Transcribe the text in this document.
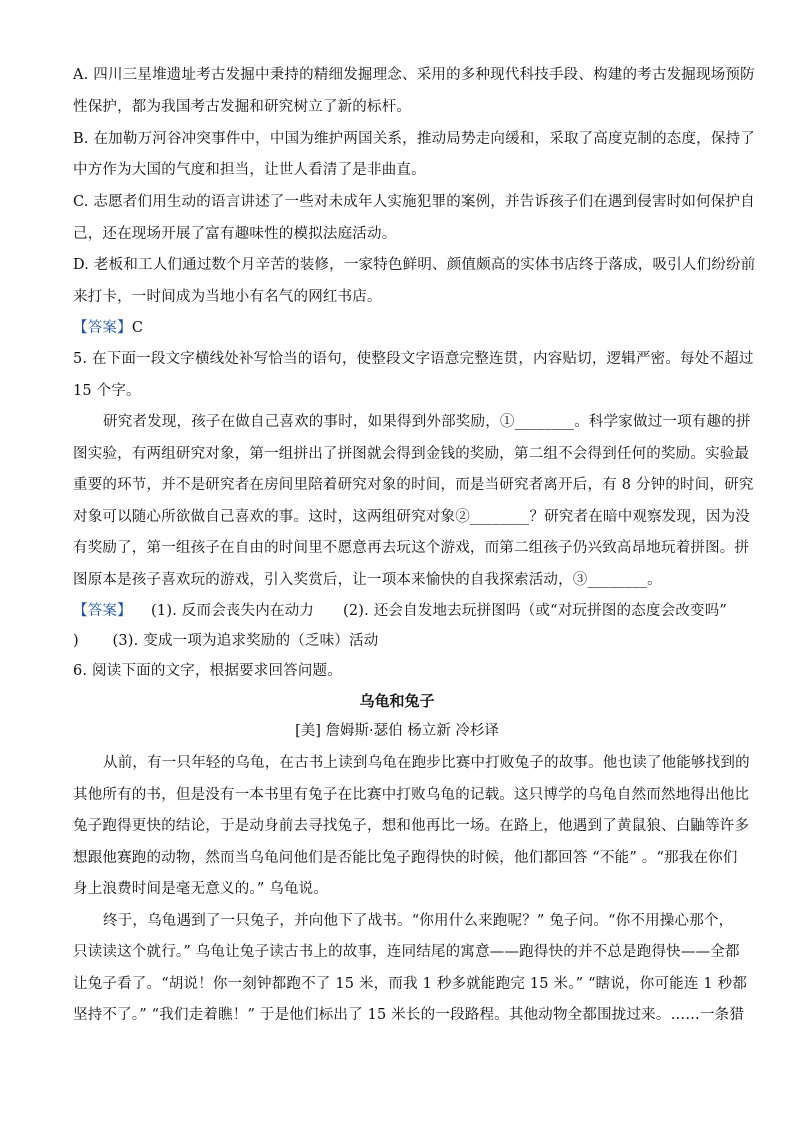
A. 四川三星堆遗址考古发掘中秉持的精细发掘理念、采用的多种现代科技手段、构建的考古发掘现场预防
性保护，都为我国考古发掘和研究树立了新的标杆。
B. 在加勒万河谷冲突事件中，中国为维护两国关系，推动局势走向缓和，采取了高度克制的态度，保持了
中方作为大国的气度和担当，让世人看清了是非曲直。
C. 志愿者们用生动的语言讲述了一些对未成年人实施犯罪的案例，并告诉孩子们在遇到侵害时如何保护自
己，还在现场开展了富有趣味性的模拟法庭活动。
D. 老板和工人们通过数个月辛苦的装修，一家特色鲜明、颜值颇高的实体书店终于落成，吸引人们纷纷前
来打卡，一时间成为当地小有名气的网红书店。
【答案】C
5. 在下面一段文字横线处补写恰当的语句，使整段文字语意完整连贯，内容贴切，逻辑严密。每处不超过
15 个字。
研究者发现，孩子在做自己喜欢的事时，如果得到外部奖励，①________。科学家做过一项有趣的拼
图实验，有两组研究对象，第一组拼出了拼图就会得到金钱的奖励，第二组不会得到任何的奖励。实验最
重要的环节，并不是研究者在房间里陪着研究对象的时间，而是当研究者离开后，有 8 分钟的时间，研究
对象可以随心所欲做自己喜欢的事。这时，这两组研究对象②________？研究者在暗中观察发现，因为没
有奖励了，第一组孩子在自由的时间里不愿意再去玩这个游戏，而第二组孩子仍兴致高昂地玩着拼图。拼
图原本是孩子喜欢玩的游戏，引入奖赏后，让一项本来愉快的自我探索活动，③________。
【答案】    (1). 反而会丧失内在动力      (2). 还会自发地去玩拼图吗（或“对玩拼图的态度会改变吗”
)       (3). 变成一项为追求奖励的（乏味）活动
6. 阅读下面的文字，根据要求回答问题。
乌龟和兔子
[美] 詹姆斯·瑟伯 杨立新 冷杉译
从前，有一只年轻的乌龟，在古书上读到乌龟在跑步比赛中打败兔子的故事。他也读了他能够找到的
其他所有的书，但是没有一本书里有兔子在比赛中打败乌龟的记载。这只博学的乌龟自然而然地得出他比
兔子跑得更快的结论，于是动身前去寻找兔子，想和他再比一场。在路上，他遇到了黄鼠狼、白鼬等许多
想跟他赛跑的动物，然而当乌龟问他们是否能比兔子跑得快的时候，他们都回答 “不能” 。“那我在你们
身上浪费时间是毫无意义的。” 乌龟说。
终于，乌龟遇到了一只兔子，并向他下了战书。“你用什么来跑呢？” 兔子问。“你不用操心那个，
只读读这个就行。” 乌龟让兔子读古书上的故事，连同结尾的寓意——跑得快的并不总是跑得快——全都
让兔子看了。“胡说！你一刻钟都跑不了 15 米，而我 1 秒多就能跑完 15 米。” “瞎说，你可能连 1 秒都
坚持不了。” “我们走着瞧！” 于是他们标出了 15 米长的一段路程。其他动物全都围拢过来。……一条猎
